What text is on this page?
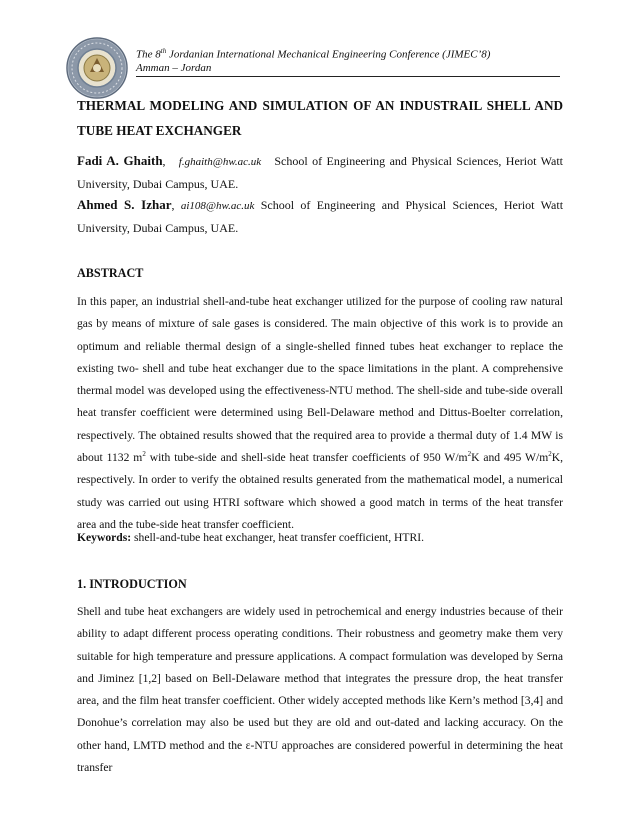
The 8th Jordanian International Mechanical Engineering Conference (JIMEC’8)
Amman – Jordan
THERMAL MODELING AND SIMULATION OF AN INDUSTRAIL SHELL AND TUBE HEAT EXCHANGER

Fadi A. Ghaith,   f.ghaith@hw.ac.uk School of Engineering and Physical Sciences, Heriot Watt University, Dubai Campus, UAE.

Ahmed S. Izhar, ai108@hw.ac.uk School of Engineering and Physical Sciences, Heriot Watt University, Dubai Campus, UAE.

ABSTRACT

In this paper, an industrial shell-and-tube heat exchanger utilized for the purpose of cooling raw natural gas by means of mixture of sale gases is considered. The main objective of this work is to provide an optimum and reliable thermal design of a single-shelled finned tubes heat exchanger to replace the existing two- shell and tube heat exchanger due to the space limitations in the plant. A comprehensive thermal model was developed using the effectiveness-NTU method. The shell-side and tube-side overall heat transfer coefficient were determined using Bell-Delaware method and Dittus-Boelter correlation, respectively. The obtained results showed that the required area to provide a thermal duty of 1.4 MW is about 1132 $m^2$ with tube-side and shell-side heat transfer coefficients of 950 $W/m^2K$ and 495 $W/m^2K$, respectively. In order to verify the obtained results generated from the mathematical model, a numerical study was carried out using HTRI software which showed a good match in terms of the heat transfer area and the tube-side heat transfer coefficient.

Keywords: shell-and-tube heat exchanger, heat transfer coefficient, HTRI.

1. INTRODUCTION

Shell and tube heat exchangers are widely used in petrochemical and energy industries because of their ability to adapt different process operating conditions. Their robustness and geometry make them very suitable for high temperature and pressure applications. A compact formulation was developed by Serna and Jiminez [1,2] based on Bell-Delaware method that integrates the pressure drop, the heat transfer area, and the film heat transfer coefficient. Other widely accepted methods like Kern’s method [3,4] and Donohue’s correlation may also be used but they are old and out-dated and lacking accuracy. On the other hand, LMTD method and the ε-NTU approaches are considered powerful in determining the heat transfer
